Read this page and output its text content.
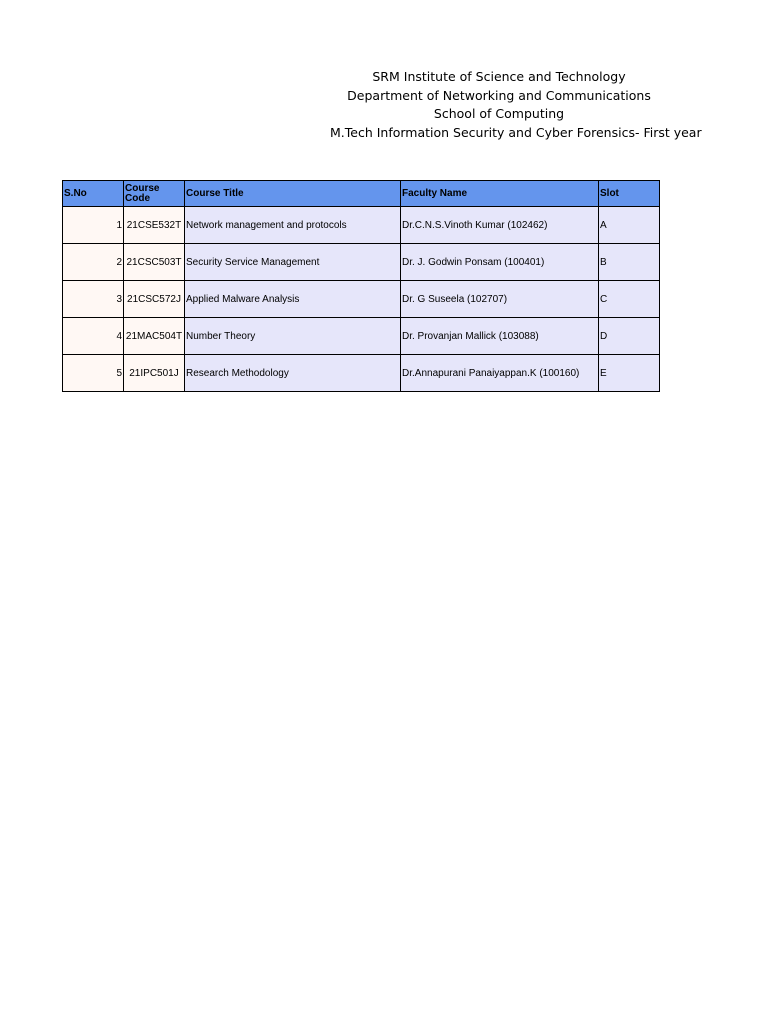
SRM Institute of Science and Technology
Department of Networking and Communications
School of Computing
M.Tech Information Security and Cyber Forensics- First year
S.No	Course Code	Course Title	Faculty Name	Slot
1	21CSE532T	Network management and protocols	Dr.C.N.S.Vinoth Kumar (102462)	A
2	21CSC503T	Security Service Management	Dr. J. Godwin Ponsam (100401)	B
3	21CSC572J	Applied Malware Analysis	Dr. G Suseela (102707)	C
4	21MAC504T	Number Theory	Dr. Provanjan Mallick (103088)	D
5	21IPC501J	Research Methodology	Dr.Annapurani Panaiyappan.K (100160)	E
